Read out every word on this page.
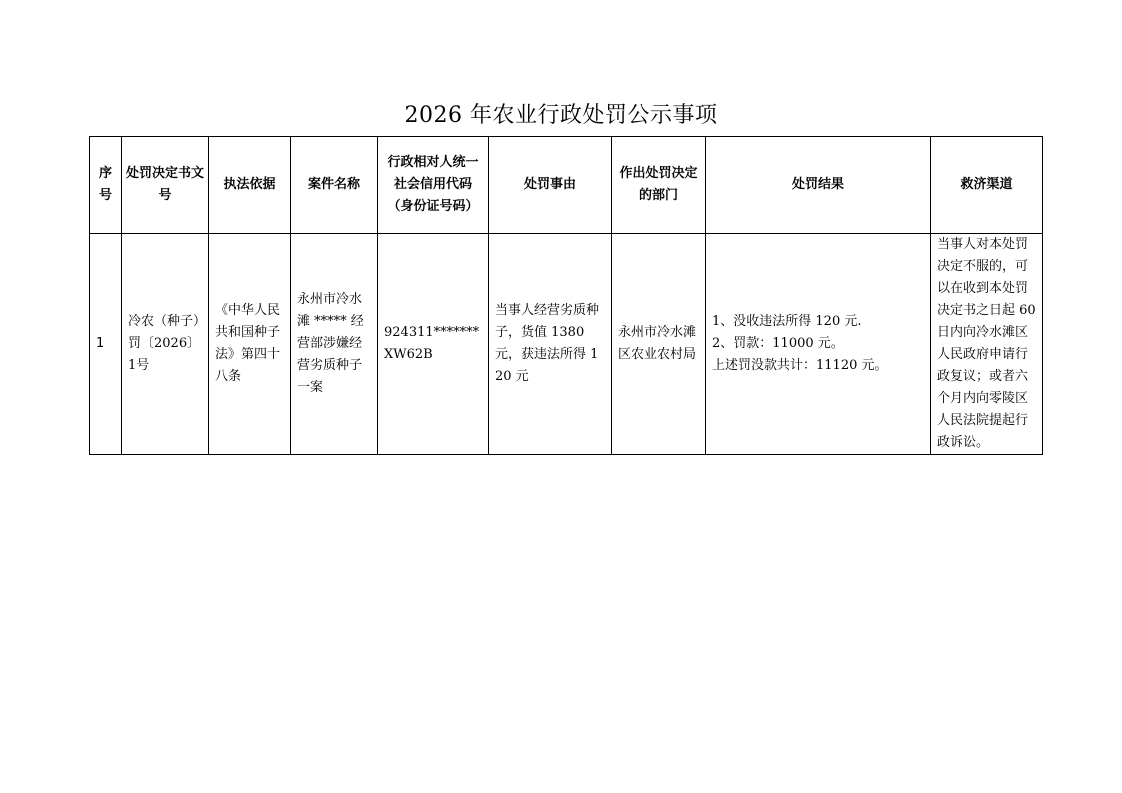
2026 年农业行政处罚公示事项
序号	处罚决定书文号	执法依据	案件名称	行政相对人统一社会信用代码（身份证号码）	处罚事由	作出处罚决定的部门	处罚结果	救济渠道
1	冷农（种子）罚〔2026〕1号	《中华人民共和国种子法》第四十八条	永州市冷水滩 ***** 经营部涉嫌经营劣质种子一案	924311*******XW62B	当事人经营劣质种子，货值 1380 元，获违法所得 120 元	永州市冷水滩区农业农村局	1、没收违法所得 120 元.
2、罚款：11000 元。
上述罚没款共计：11120 元。	当事人对本处罚决定不服的，可以在收到本处罚决定书之日起 60 日内向冷水滩区人民政府申请行政复议；或者六个月内向零陵区人民法院提起行政诉讼。
